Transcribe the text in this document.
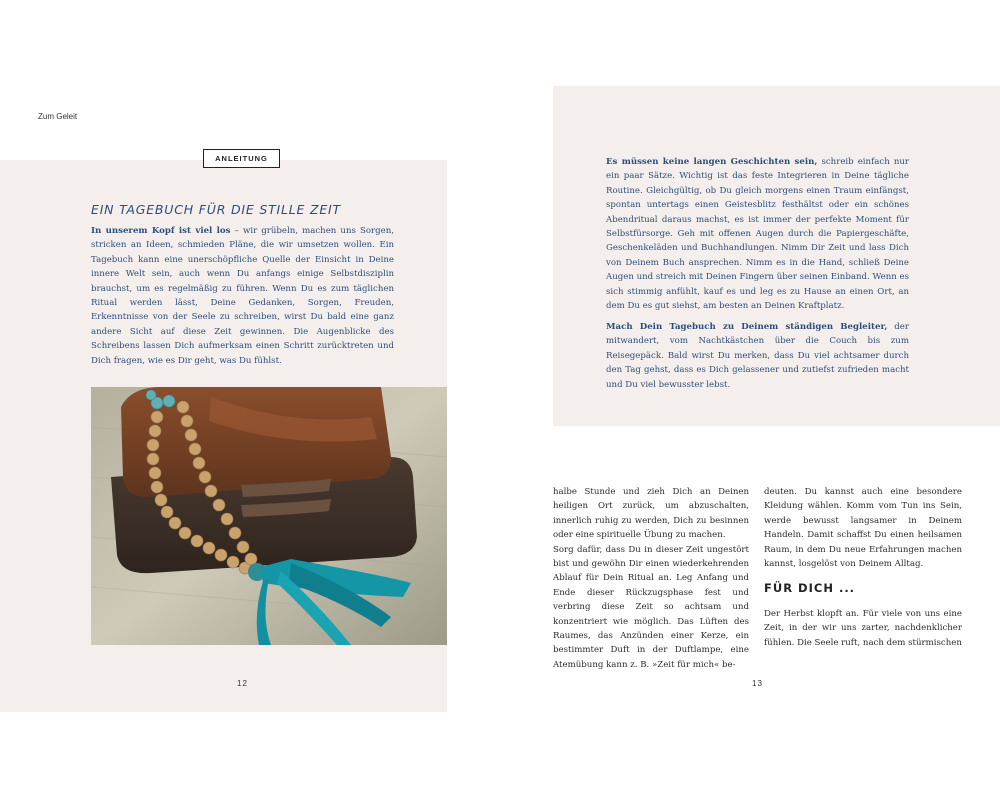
Zum Geleit
ANLEITUNG
EIN TAGEBUCH FÜR DIE STILLE ZEIT
In unserem Kopf ist viel los – wir grübeln, machen uns Sorgen, stricken an Ideen, schmieden Pläne, die wir umsetzen wollen. Ein Tagebuch kann eine unerschöpfliche Quelle der Einsicht in Deine innere Welt sein, auch wenn Du anfangs einige Selbstdisziplin brauchst, um es regelmäßig zu führen. Wenn Du es zum täglichen Ritual werden lässt, Deine Gedanken, Sorgen, Freuden, Erkenntnisse von der Seele zu schreiben, wirst Du bald eine ganz andere Sicht auf diese Zeit gewinnen. Die Augenblicke des Schreibens lassen Dich aufmerksam einen Schritt zurücktreten und Dich fragen, wie es Dir geht, was Du fühlst.
12
Es müssen keine langen Geschichten sein, schreib einfach nur ein paar Sätze. Wichtig ist das feste Integrieren in Deine tägliche Routine. Gleichgültig, ob Du gleich morgens einen Traum einfängst, spontan untertags einen Geistesblitz festhältst oder ein schönes Abendritual daraus machst, es ist immer der perfekte Moment für Selbstfürsorge. Geh mit offenen Augen durch die Papiergeschäfte, Geschenkeläden und Buchhandlungen. Nimm Dir Zeit und lass Dich von Deinem Buch ansprechen. Nimm es in die Hand, schließ Deine Augen und streich mit Deinen Fingern über seinen Einband. Wenn es sich stimmig anfühlt, kauf es und leg es zu Hause an einen Ort, an dem Du es gut siehst, am besten an Deinen Kraftplatz.
Mach Dein Tagebuch zu Deinem ständigen Begleiter, der mitwandert, vom Nachtkästchen über die Couch bis zum Reisegepäck. Bald wirst Du merken, dass Du viel achtsamer durch den Tag gehst, dass es Dich gelassener und zutiefst zufrieden macht und Du viel bewusster lebst.

halbe Stunde und zieh Dich an Deinen heiligen Ort zurück, um abzuschalten, innerlich ruhig zu werden, Dich zu besinnen oder eine spirituelle Übung zu machen.

Sorg dafür, dass Du in dieser Zeit ungestört bist und gewöhn Dir einen wiederkehrenden Ablauf für Dein Ritual an. Leg Anfang und Ende dieser Rückzugsphase fest und verbring diese Zeit so achtsam und konzentriert wie möglich. Das Lüften des Raumes, das Anzünden einer Kerze, ein bestimmter Duft in der Duftlampe, eine Atemübung kann z. B. »Zeit für mich« be-

deuten. Du kannst auch eine besondere Kleidung wählen. Komm vom Tun ins Sein, werde bewusst langsamer in Deinem Handeln. Damit schaffst Du einen heilsamen Raum, in dem Du neue Erfahrungen machen kannst, losgelöst von Deinem Alltag.

FÜR DICH ...

Der Herbst klopft an. Für viele von uns eine Zeit, in der wir uns zarter, nachdenklicher fühlen. Die Seele ruft, nach dem stürmischen

13
